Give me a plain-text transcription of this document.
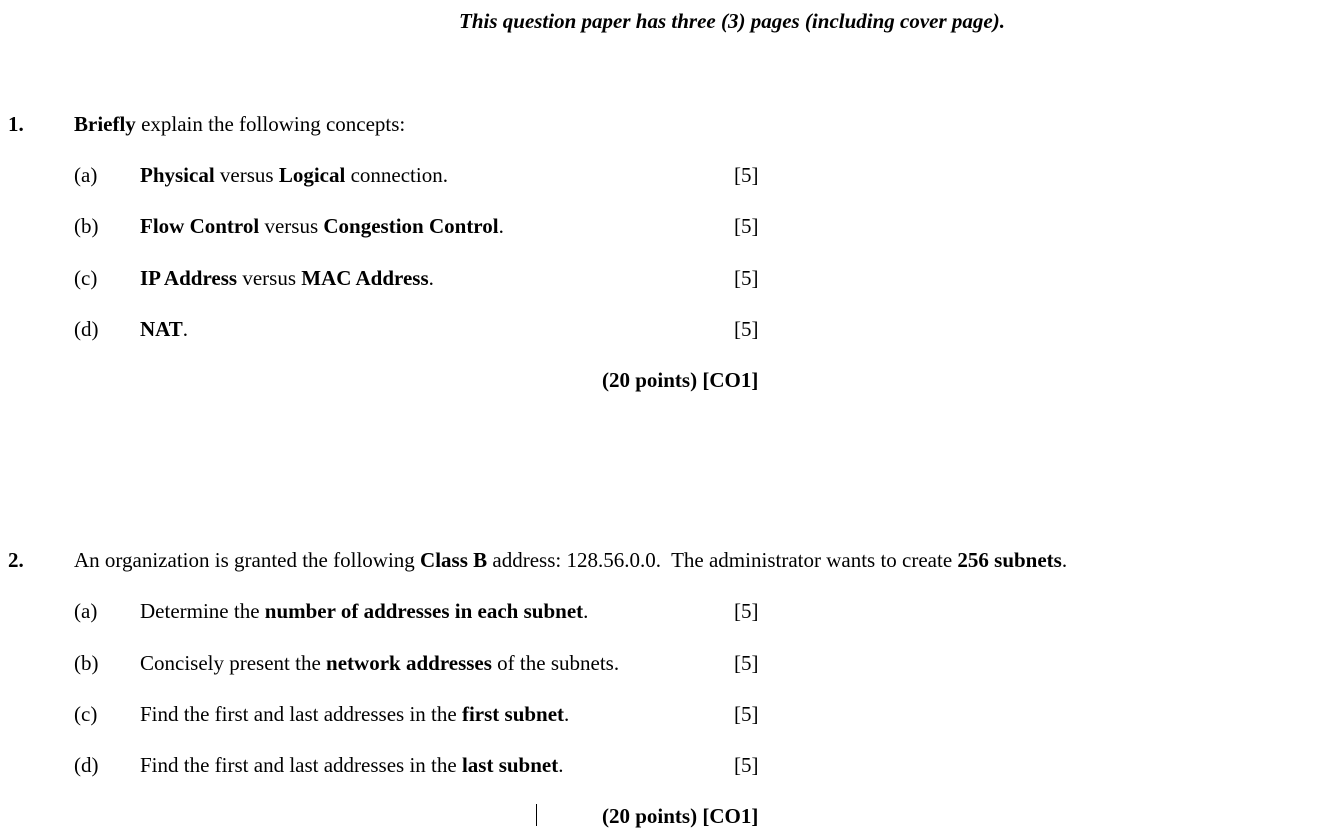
This question paper has three (3) pages (including cover page).
1. Briefly explain the following concepts:
(a) Physical versus Logical connection.	[5]
(b) Flow Control versus Congestion Control.	[5]
(c) IP Address versus MAC Address.	[5]
(d) NAT.	[5]
(20 points) [CO1]
2. An organization is granted the following Class B address: 128.56.0.0.  The administrator wants to create 256 subnets.
(a) Determine the number of addresses in each subnet.	[5]
(b) Concisely present the network addresses of the subnets.	[5]
(c) Find the first and last addresses in the first subnet.	[5]
(d) Find the first and last addresses in the last subnet.	[5]
(20 points) [CO1]
